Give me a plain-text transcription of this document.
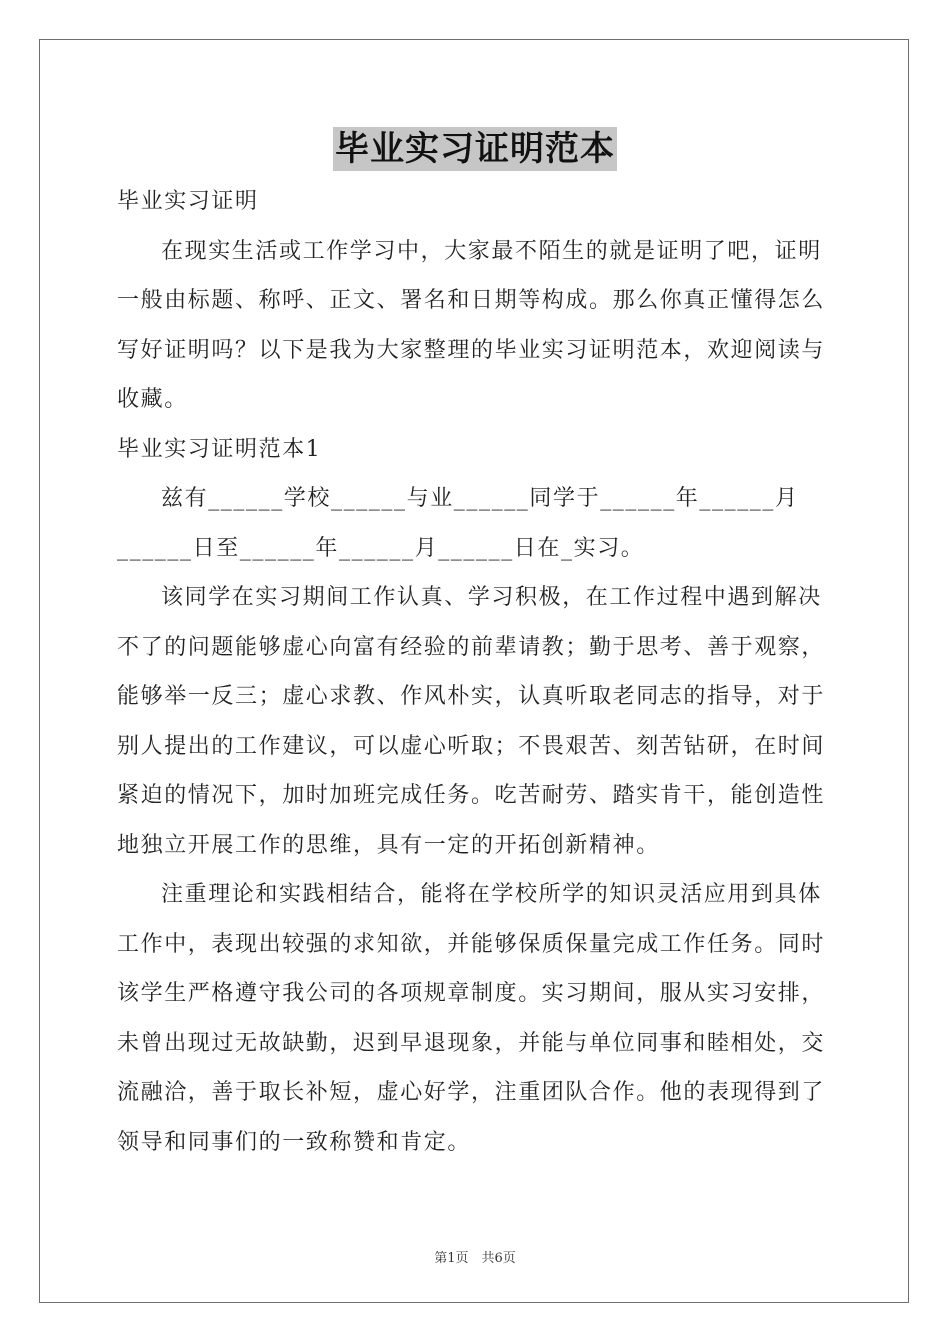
毕业实习证明范本

毕业实习证明

在现实生活或工作学习中，大家最不陌生的就是证明了吧，证明一般由标题、称呼、正文、署名和日期等构成。那么你真正懂得怎么写好证明吗？以下是我为大家整理的毕业实习证明范本，欢迎阅读与收藏。

毕业实习证明范本1

兹有______学校______与业______同学于______年______月______日至______年______月______日在_实习。

该同学在实习期间工作认真、学习积极，在工作过程中遇到解决不了的问题能够虚心向富有经验的前辈请教；勤于思考、善于观察，能够举一反三；虚心求教、作风朴实，认真听取老同志的指导，对于别人提出的工作建议，可以虚心听取；不畏艰苦、刻苦钻研，在时间紧迫的情况下，加时加班完成任务。吃苦耐劳、踏实肯干，能创造性地独立开展工作的思维，具有一定的开拓创新精神。

注重理论和实践相结合，能将在学校所学的知识灵活应用到具体工作中，表现出较强的求知欲，并能够保质保量完成工作任务。同时该学生严格遵守我公司的各项规章制度。实习期间，服从实习安排，未曾出现过无故缺勤，迟到早退现象，并能与单位同事和睦相处，交流融洽，善于取长补短，虚心好学，注重团队合作。他的表现得到了领导和同事们的一致称赞和肯定。

第1页　共6页
